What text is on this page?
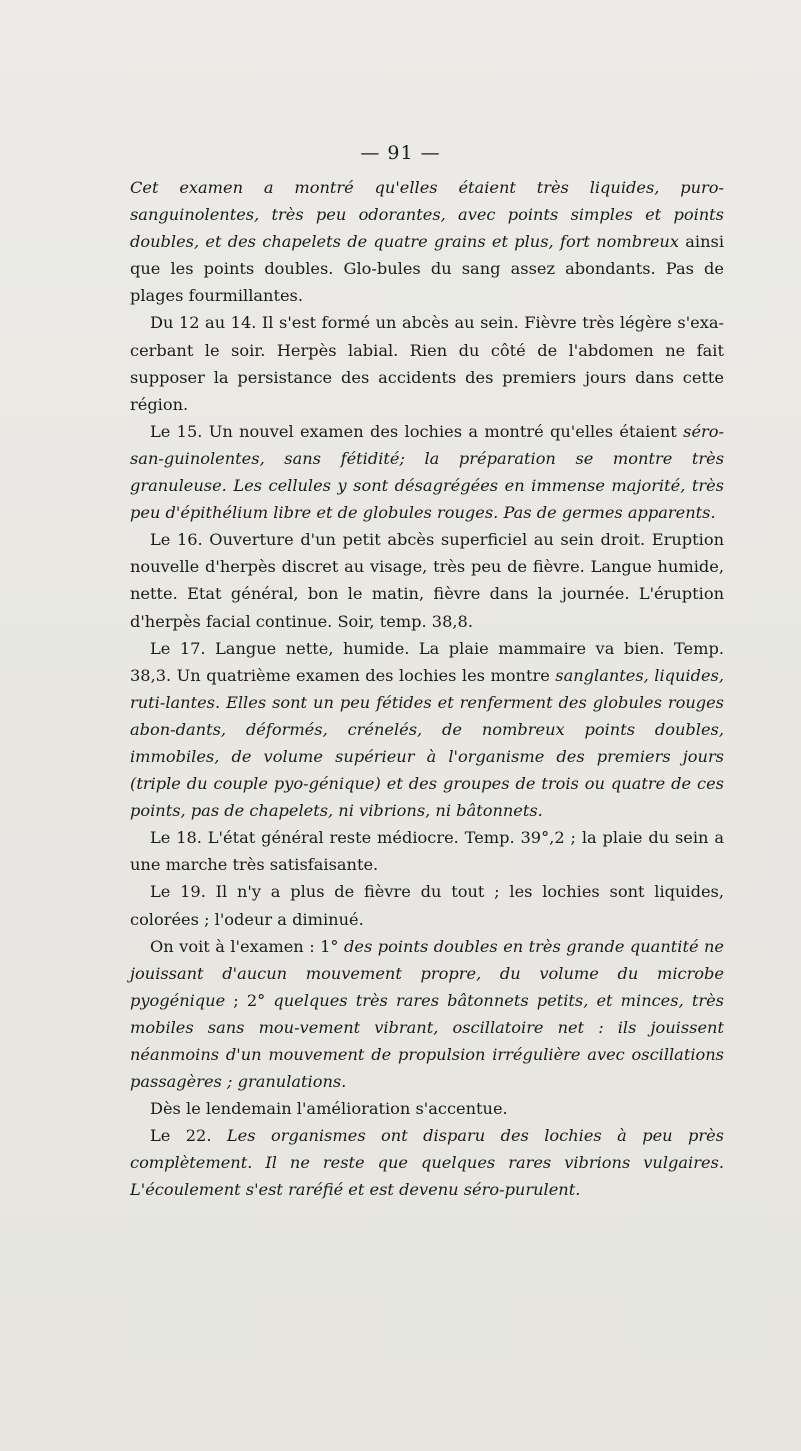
— 91 —

Cet examen a montré qu'elles étaient très liquides, puro-sanguinolentes, très peu odorantes, avec points simples et points doubles, et des chapelets de quatre grains et plus, fort nombreux ainsi que les points doubles. Glo-bules du sang assez abondants. Pas de plages fourmillantes.

Du 12 au 14. Il s'est formé un abcès au sein. Fièvre très légère s'exa-cerbant le soir. Herpès labial. Rien du côté de l'abdomen ne fait supposer la persistance des accidents des premiers jours dans cette région.

Le 15. Un nouvel examen des lochies a montré qu'elles étaient séro-san-guinolentes, sans fétidité; la préparation se montre très granuleuse. Les cellules y sont désagrégées en immense majorité, très peu d'épithélium libre et de globules rouges. Pas de germes apparents.

Le 16. Ouverture d'un petit abcès superficiel au sein droit. Eruption nouvelle d'herpès discret au visage, très peu de fièvre. Langue humide, nette. Etat général, bon le matin, fièvre dans la journée. L'éruption d'herpès facial continue. Soir, temp. 38,8.

Le 17. Langue nette, humide. La plaie mammaire va bien. Temp. 38,3. Un quatrième examen des lochies les montre sanglantes, liquides, ruti-lantes. Elles sont un peu fétides et renferment des globules rouges abon-dants, déformés, crénelés, de nombreux points doubles, immobiles, de volume supérieur à l'organisme des premiers jours (triple du couple pyo-génique) et des groupes de trois ou quatre de ces points, pas de chapelets, ni vibrions, ni bâtonnets.

Le 18. L'état général reste médiocre. Temp. 39°,2 ; la plaie du sein a une marche très satisfaisante.

Le 19. Il n'y a plus de fièvre du tout ; les lochies sont liquides, colorées ; l'odeur a diminué.

On voit à l'examen : 1° des points doubles en très grande quantité ne jouissant d'aucun mouvement propre, du volume du microbe pyogénique ; 2° quelques très rares bâtonnets petits, et minces, très mobiles sans mou-vement vibrant, oscillatoire net : ils jouissent néanmoins d'un mouvement de propulsion irrégulière avec oscillations passagères ; granulations.

Dès le lendemain l'amélioration s'accentue.

Le 22. Les organismes ont disparu des lochies à peu près complètement. Il ne reste que quelques rares vibrions vulgaires. L'écoulement s'est raréfié et est devenu séro-purulent.
